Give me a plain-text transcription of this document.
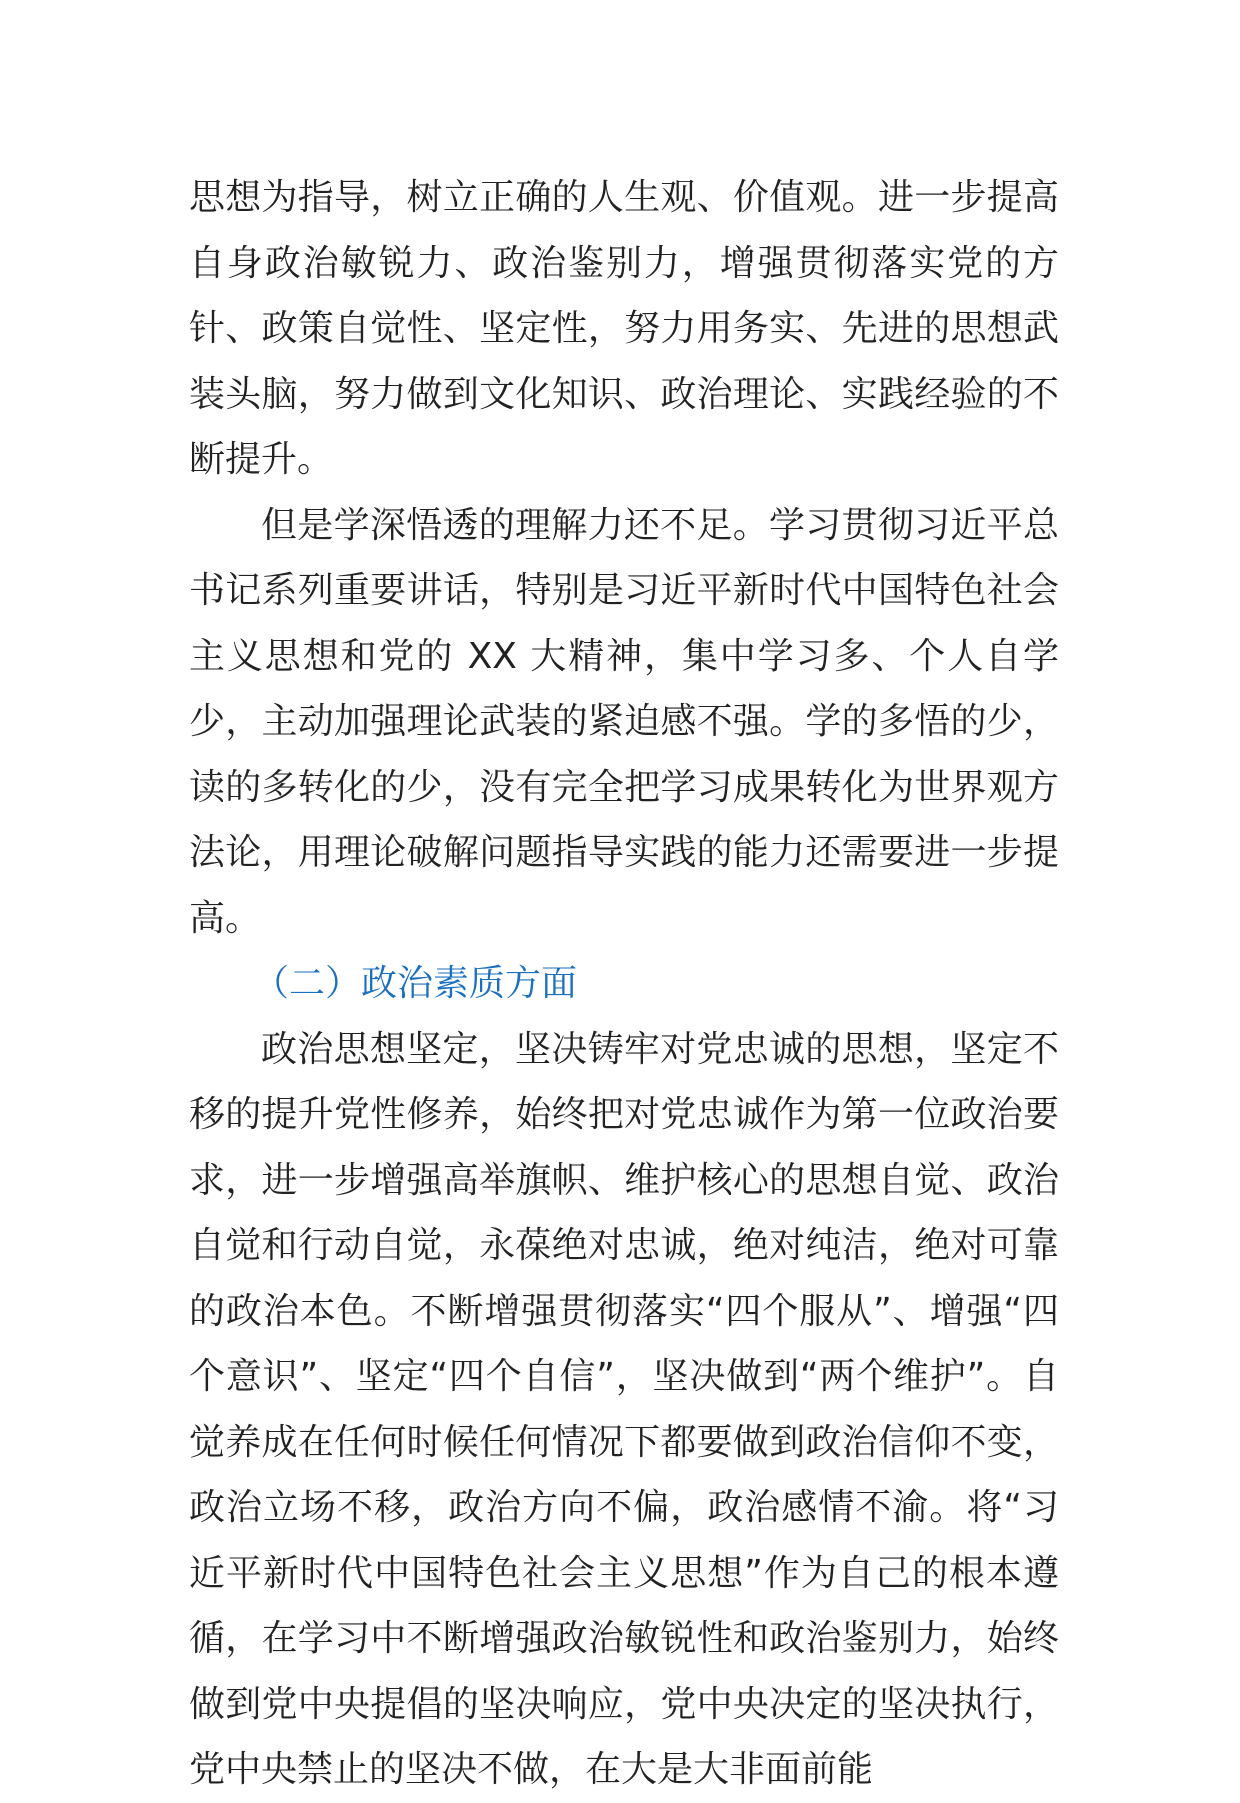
思想为指导，树立正确的人生观、价值观。进一步提高自身政治敏锐力、政治鉴别力，增强贯彻落实党的方针、政策自觉性、坚定性，努力用务实、先进的思想武装头脑，努力做到文化知识、政治理论、实践经验的不断提升。

但是学深悟透的理解力还不足。学习贯彻习近平总书记系列重要讲话，特别是习近平新时代中国特色社会主义思想和党的 XX 大精神，集中学习多、个人自学少，主动加强理论武装的紧迫感不强。学的多悟的少，读的多转化的少，没有完全把学习成果转化为世界观方法论，用理论破解问题指导实践的能力还需要进一步提高。

（二）政治素质方面

政治思想坚定，坚决铸牢对党忠诚的思想，坚定不移的提升党性修养，始终把对党忠诚作为第一位政治要求，进一步增强高举旗帜、维护核心的思想自觉、政治自觉和行动自觉，永葆绝对忠诚，绝对纯洁，绝对可靠的政治本色。不断增强贯彻落实“四个服从”、增强“四个意识”、坚定“四个自信”，坚决做到“两个维护”。自觉养成在任何时候任何情况下都要做到政治信仰不变，政治立场不移，政治方向不偏，政治感情不渝。将“习近平新时代中国特色社会主义思想”作为自己的根本遵循，在学习中不断增强政治敏锐性和政治鉴别力，始终做到党中央提倡的坚决响应，党中央决定的坚决执行，党中央禁止的坚决不做，在大是大非面前能
